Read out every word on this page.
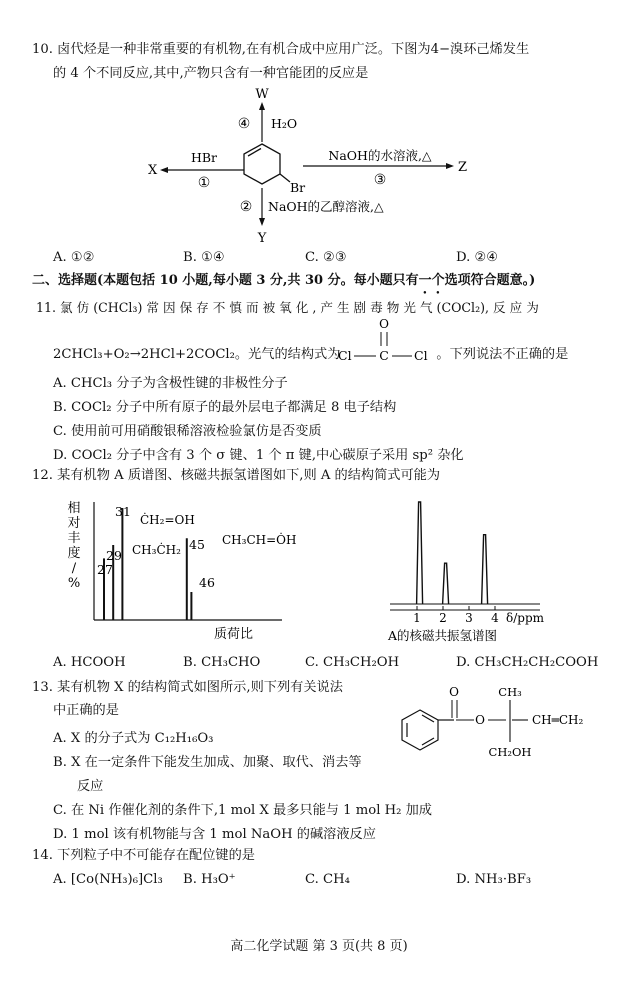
10. 卤代烃是一种非常重要的有机物,在有机合成中应用广泛。下图为4−溴环己烯发生
的 4 个不同反应,其中,产物只含有一种官能团的反应是
W
④ H₂O
X
HBr
①	Br
NaOH的水溶液,△
③
Z
② NaOH的乙醇溶液,△
Y
A. ①②	B. ①④	C. ②③	D. ②④
二、选择题(本题包括 10 小题,每小题 3 分,共 30 分。每小题只有一个选项符合题意。)
11. 氯 仿 (CHCl₃) 常 因 保 存 不 慎 而 被 氧 化 , 产 生 剧 毒 物 光 气 (COCl₂), 反 应 为
2CHCl₃+O₂→2HCl+2COCl₂。光气的结构式为	。下列说法不正确的是
O
Cl C Cl
A. CHCl₃ 分子为含极性键的非极性分子
B. COCl₂ 分子中所有原子的最外层电子都满足 8 电子结构
C. 使用前可用硝酸银稀溶液检验氯仿是否变质
D. COCl₂ 分子中含有 3 个 σ 键、1 个 π 键,中心碳原子采用 sp² 杂化
12. 某有机物 A 质谱图、核磁共振氢谱图如下,则 A 的结构简式可能为
相
对
丰
度
/
%
27
29
31
ĊH₂=OH
CH₃ĊH₂ 45 CH₃CH=ȮH
46
质荷比
1 2 3 4 δ/ppm
A的核磁共振氢谱图
A. HCOOH	B. CH₃CHO	C. CH₃CH₂OH	D. CH₃CH₂CH₂COOH
13. 某有机物 X 的结构简式如图所示,则下列有关说法
中正确的是
A. X 的分子式为 C₁₂H₁₆O₃
B. X 在一定条件下能发生加成、加聚、取代、消去等
反应
C. 在 Ni 作催化剂的条件下,1 mol X 最多只能与 1 mol H₂ 加成
D. 1 mol 该有机物能与含 1 mol NaOH 的碱溶液反应
O
O
CH₃
CH₂OH
CH═CH₂
14. 下列粒子中不可能存在配位键的是
A. [Co(NH₃)₆]Cl₃ B. H₃O⁺	C. CH₄	D. NH₃·BF₃
高二化学试题 第 3 页(共 8 页)
